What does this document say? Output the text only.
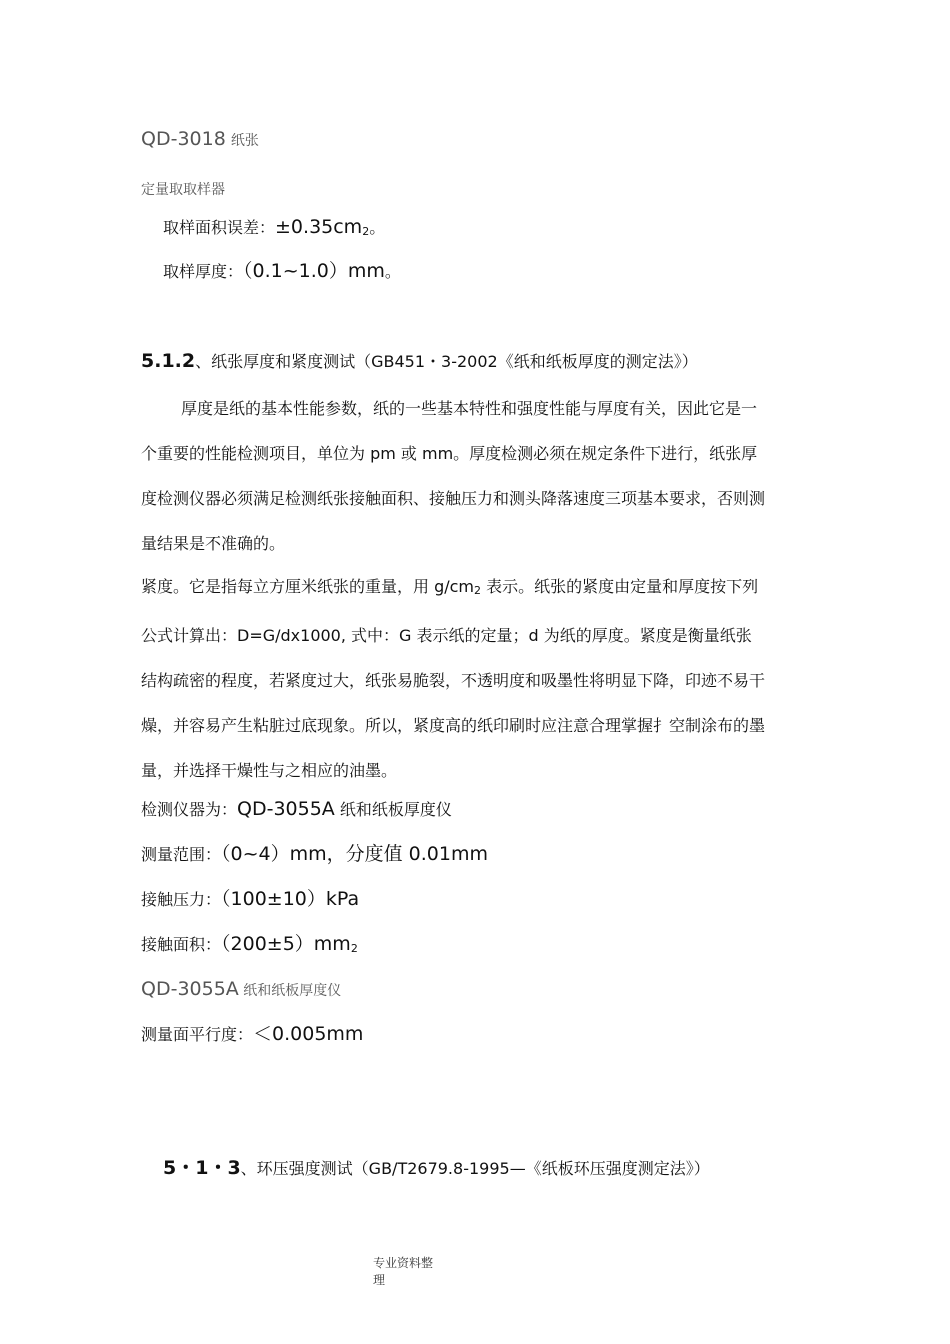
QD-3018 纸张
定量取取样器
取样面积误差：$\pm 0.35cm_2$。
取样厚度：（0.1~1.0）mm。
5.1.2、纸张厚度和紧度测试（GB451・3-2002《纸和纸板厚度的测定法》）
厚度是纸的基本性能参数，纸的一些基本特性和强度性能与厚度有关，因此它是一
个重要的性能检测项目，单位为 pm 或 mm。厚度检测必须在规定条件下进行，纸张厚
度检测仪器必须满足检测纸张接触面积、接触压力和测头降落速度三项基本要求，否则测
量结果是不准确的。
紧度。它是指每立方厘米纸张的重量，用 $g/cm_2$ 表示。纸张的紧度由定量和厚度按下列
公式计算出：D=G/dx1000, 式中：G 表示纸的定量；d 为纸的厚度。紧度是衡量纸张
结构疏密的程度，若紧度过大，纸张易脆裂，不透明度和吸墨性将明显下降，印迹不易干
燥，并容易产生粘脏过底现象。所以，紧度高的纸印刷时应注意合理掌握扌空制涂布的墨
量，并选择干燥性与之相应的油墨。
检测仪器为：QD-3055A 纸和纸板厚度仪
测量范围：（0~4）mm，分度值 0.01mm
接触压力：（100±10）kPa
接触面积：$(200\pm 5)mm_2$
QD-3055A 纸和纸板厚度仪
测量面平行度：＜0.005mm
5・1・3、环压强度测试（GB/T2679.8-1995—《纸板环压强度测定法》）
专业资料整
理
